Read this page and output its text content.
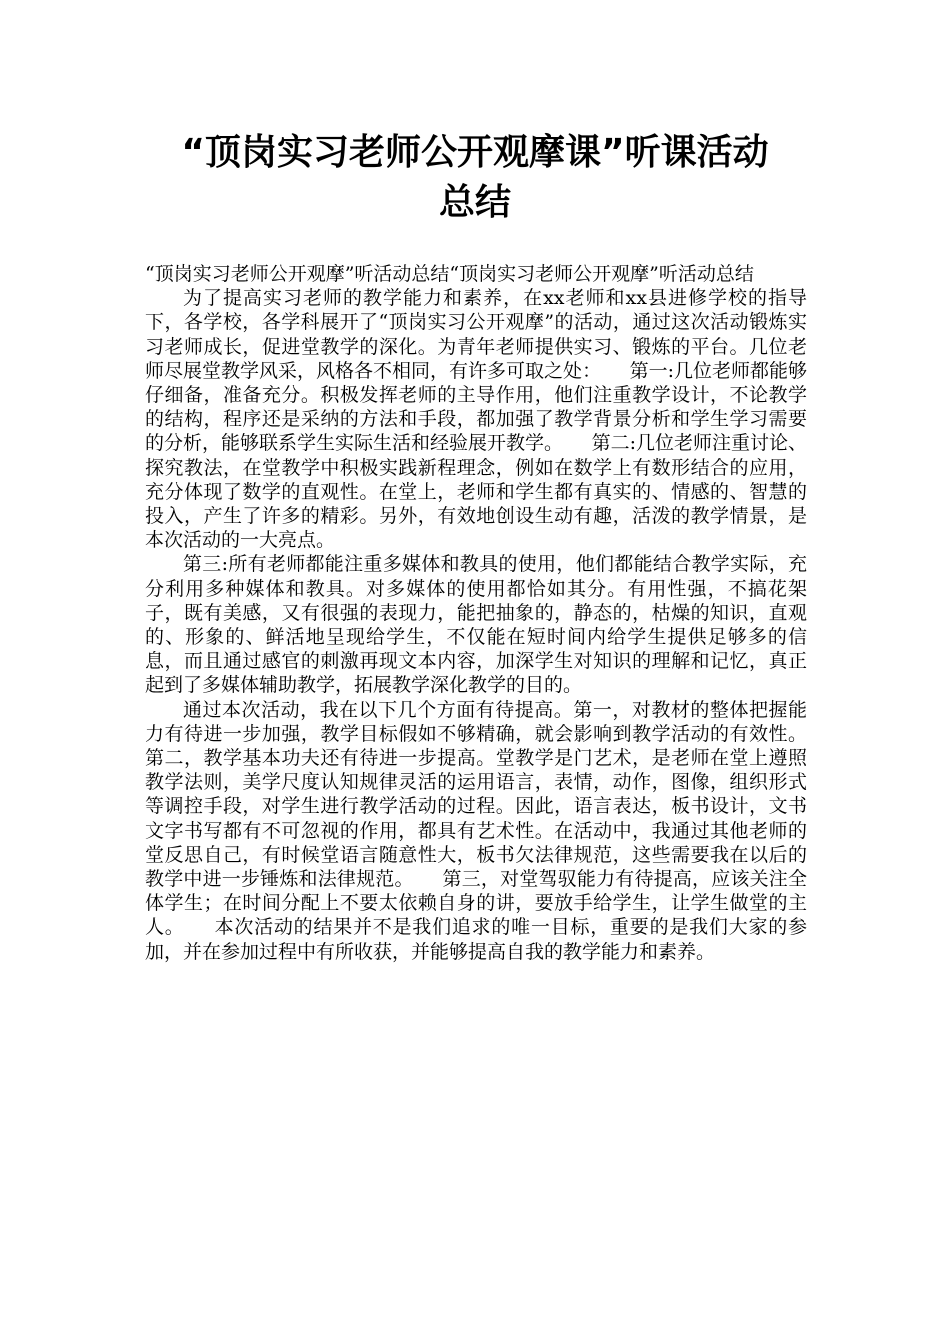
“顶岗实习老师公开观摩课”听课活动
总结

“顶岗实习老师公开观摩”听活动总结“顶岗实习老师公开观摩”听活动总结

为了提高实习老师的教学能力和素养，在xx老师和xx县进修学校的指导下，各学校，各学科展开了“顶岗实习公开观摩”的活动，通过这次活动锻炼实习老师成长，促进堂教学的深化。为青年老师提供实习、锻炼的平台。几位老师尽展堂教学风采，风格各不相同，有许多可取之处：　　第一:几位老师都能够仔细备，准备充分。积极发挥老师的主导作用，他们注重教学设计，不论教学的结构，程序还是采纳的方法和手段，都加强了教学背景分析和学生学习需要的分析，能够联系学生实际生活和经验展开教学。　　第二:几位老师注重讨论、探究教法，在堂教学中积极实践新程理念，例如在数学上有数形结合的应用，充分体现了数学的直观性。在堂上，老师和学生都有真实的、情感的、智慧的投入，产生了许多的精彩。另外，有效地创设生动有趣，活泼的教学情景，是本次活动的一大亮点。

第三:所有老师都能注重多媒体和教具的使用，他们都能结合教学实际，充分利用多种媒体和教具。对多媒体的使用都恰如其分。有用性强，不搞花架子，既有美感，又有很强的表现力，能把抽象的，静态的，枯燥的知识，直观的、形象的、鲜活地呈现给学生，不仅能在短时间内给学生提供足够多的信息，而且通过感官的刺激再现文本内容，加深学生对知识的理解和记忆，真正起到了多媒体辅助教学，拓展教学深化教学的目的。

通过本次活动，我在以下几个方面有待提高。第一，对教材的整体把握能力有待进一步加强，教学目标假如不够精确，就会影响到教学活动的有效性。第二，教学基本功夫还有待进一步提高。堂教学是门艺术，是老师在堂上遵照教学法则，美学尺度认知规律灵活的运用语言，表情，动作，图像，组织形式等调控手段，对学生进行教学活动的过程。因此，语言表达，板书设计，文书文字书写都有不可忽视的作用，都具有艺术性。在活动中，我通过其他老师的堂反思自己，有时候堂语言随意性大，板书欠法律规范，这些需要我在以后的教学中进一步锤炼和法律规范。　　第三，对堂驾驭能力有待提高，应该关注全体学生；在时间分配上不要太依赖自身的讲，要放手给学生，让学生做堂的主人。　　本次活动的结果并不是我们追求的唯一目标，重要的是我们大家的参加，并在参加过程中有所收获，并能够提高自我的教学能力和素养。
